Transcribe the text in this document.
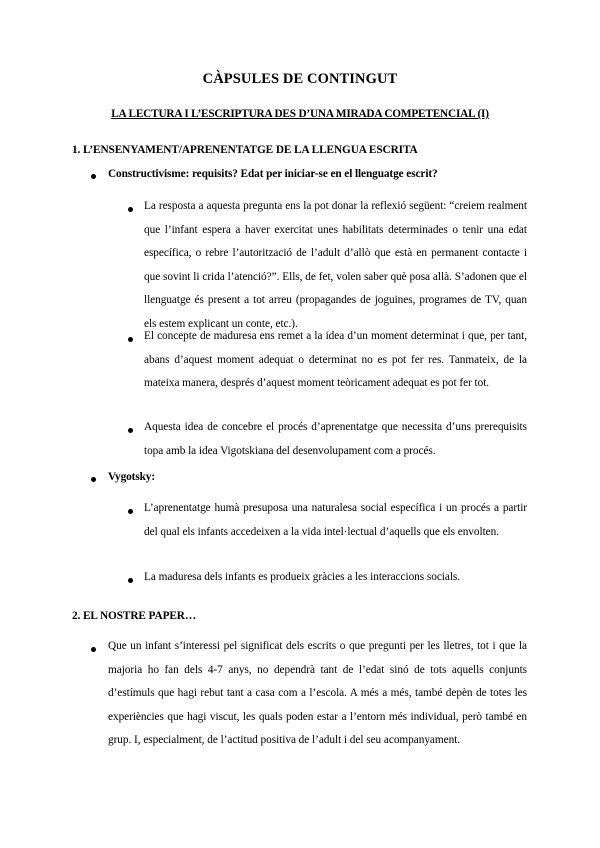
CÀPSULES DE CONTINGUT
LA LECTURA I L’ESCRIPTURA DES D’UNA MIRADA COMPETENCIAL (I)
1. L’ENSENYAMENT/APRENENTATGE DE LA LLENGUA ESCRITA
Constructivisme: requisits? Edat per iniciar-se en el llenguatge escrit?

La resposta a aquesta pregunta ens la pot donar la reflexió següent: “creiem realment que l’infant espera a haver exercitat unes habilitats determinades o tenir una edat específica, o rebre l’autorització de l’adult d’allò que està en permanent contacte i que sovint li crida l’atenció?”. Ells, de fet, volen saber què posa allà. S’adonen que el llenguatge és present a tot arreu (propagandes de joguines, programes de TV, quan els estem explicant un conte, etc.).

El concepte de maduresa ens remet a la idea d’un moment determinat i que, per tant, abans d’aquest moment adequat o determinat no es pot fer res. Tanmateix, de la mateixa manera, després d’aquest moment teòricament adequat es pot fer tot.

Aquesta idea de concebre el procés d’aprenentatge que necessita d’uns prerequisits topa amb la idea Vigotskiana del desenvolupament com a procés.

Vygotsky:

L’aprenentatge humà presuposa una naturalesa social específica i un procés a partir del qual els infants accedeixen a la vida intel·lectual d’aquells que els envolten.

La maduresa dels infants es produeix gràcies a les interaccions socials.

2. EL NOSTRE PAPER…

Que un infant s’interessi pel significat dels escrits o que pregunti per les lletres, tot i que la majoria ho fan dels 4-7 anys, no dependrà tant de l’edat sinó de tots aquells conjunts d’estímuls que hagi rebut tant a casa com a l’escola. A més a més, també depèn de totes les experiències que hagi viscut, les quals poden estar a l’entorn més individual, però també en grup. I, especialment, de l’actitud positiva de l’adult i del seu acompanyament.
